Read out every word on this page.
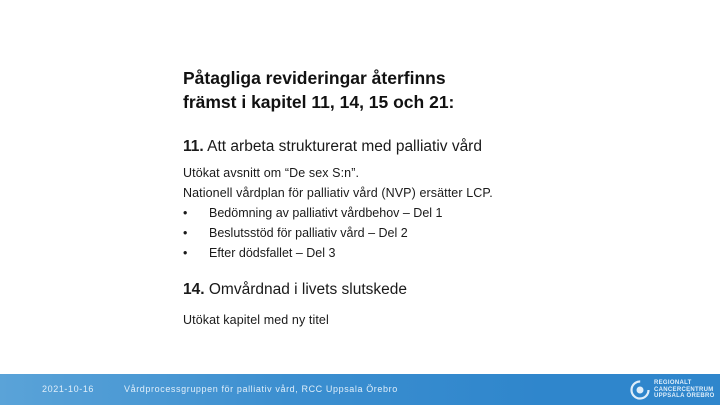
Påtagliga revideringar återfinns
främst i kapitel 11, 14, 15 och 21:

11. Att arbeta strukturerat med palliativ vård

Utökat avsnitt om “De sex S:n”.
Nationell vårdplan för palliativ vård (NVP) ersätter LCP.
•	Bedömning av palliativt vårdbehov – Del 1
•	Beslutsstöd för palliativ vård – Del 2
•	Efter dödsfallet – Del 3

14. Omvårdnad i livets slutskede

Utökat kapitel med ny titel
2021-10-16	Vårdprocessgruppen för palliativ vård, RCC Uppsala Örebro
REGIONALT
CANCERCENTRUM
UPPSALA ÖREBRO
